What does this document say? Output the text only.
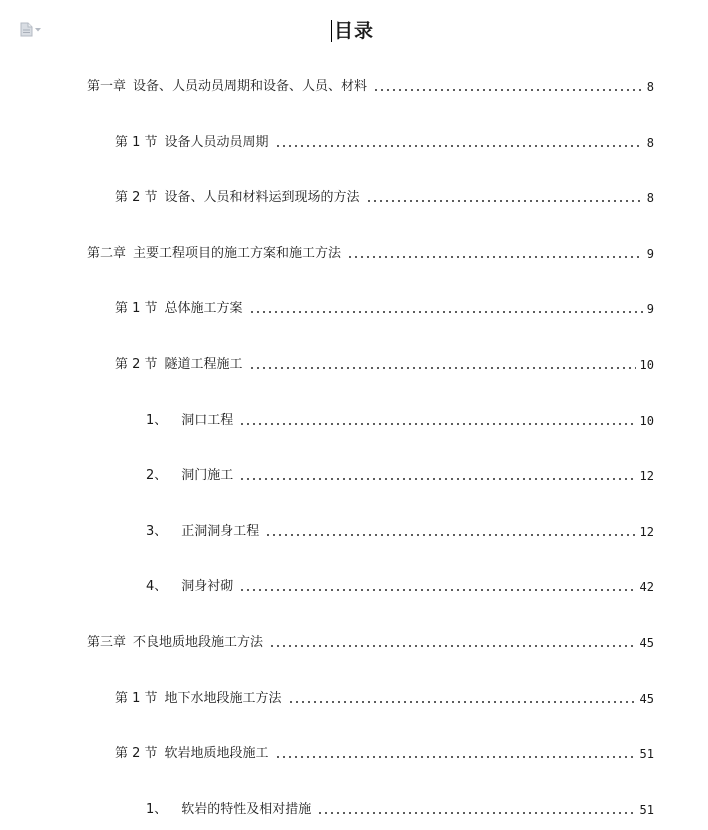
目录
第一章 设备、人员动员周期和设备、人员、材料	8
第 1 节 设备人员动员周期	8
第 2 节 设备、人员和材料运到现场的方法	8
第二章 主要工程项目的施工方案和施工方法	9
第 1 节 总体施工方案	9
第 2 节 隧道工程施工	10
1、 洞口工程	10
2、 洞门施工	12
3、 正洞洞身工程	12
4、 洞身衬砌	42
第三章 不良地质地段施工方法	45
第 1 节 地下水地段施工方法	45
第 2 节 软岩地质地段施工	51
1、 软岩的特性及相对措施	51
